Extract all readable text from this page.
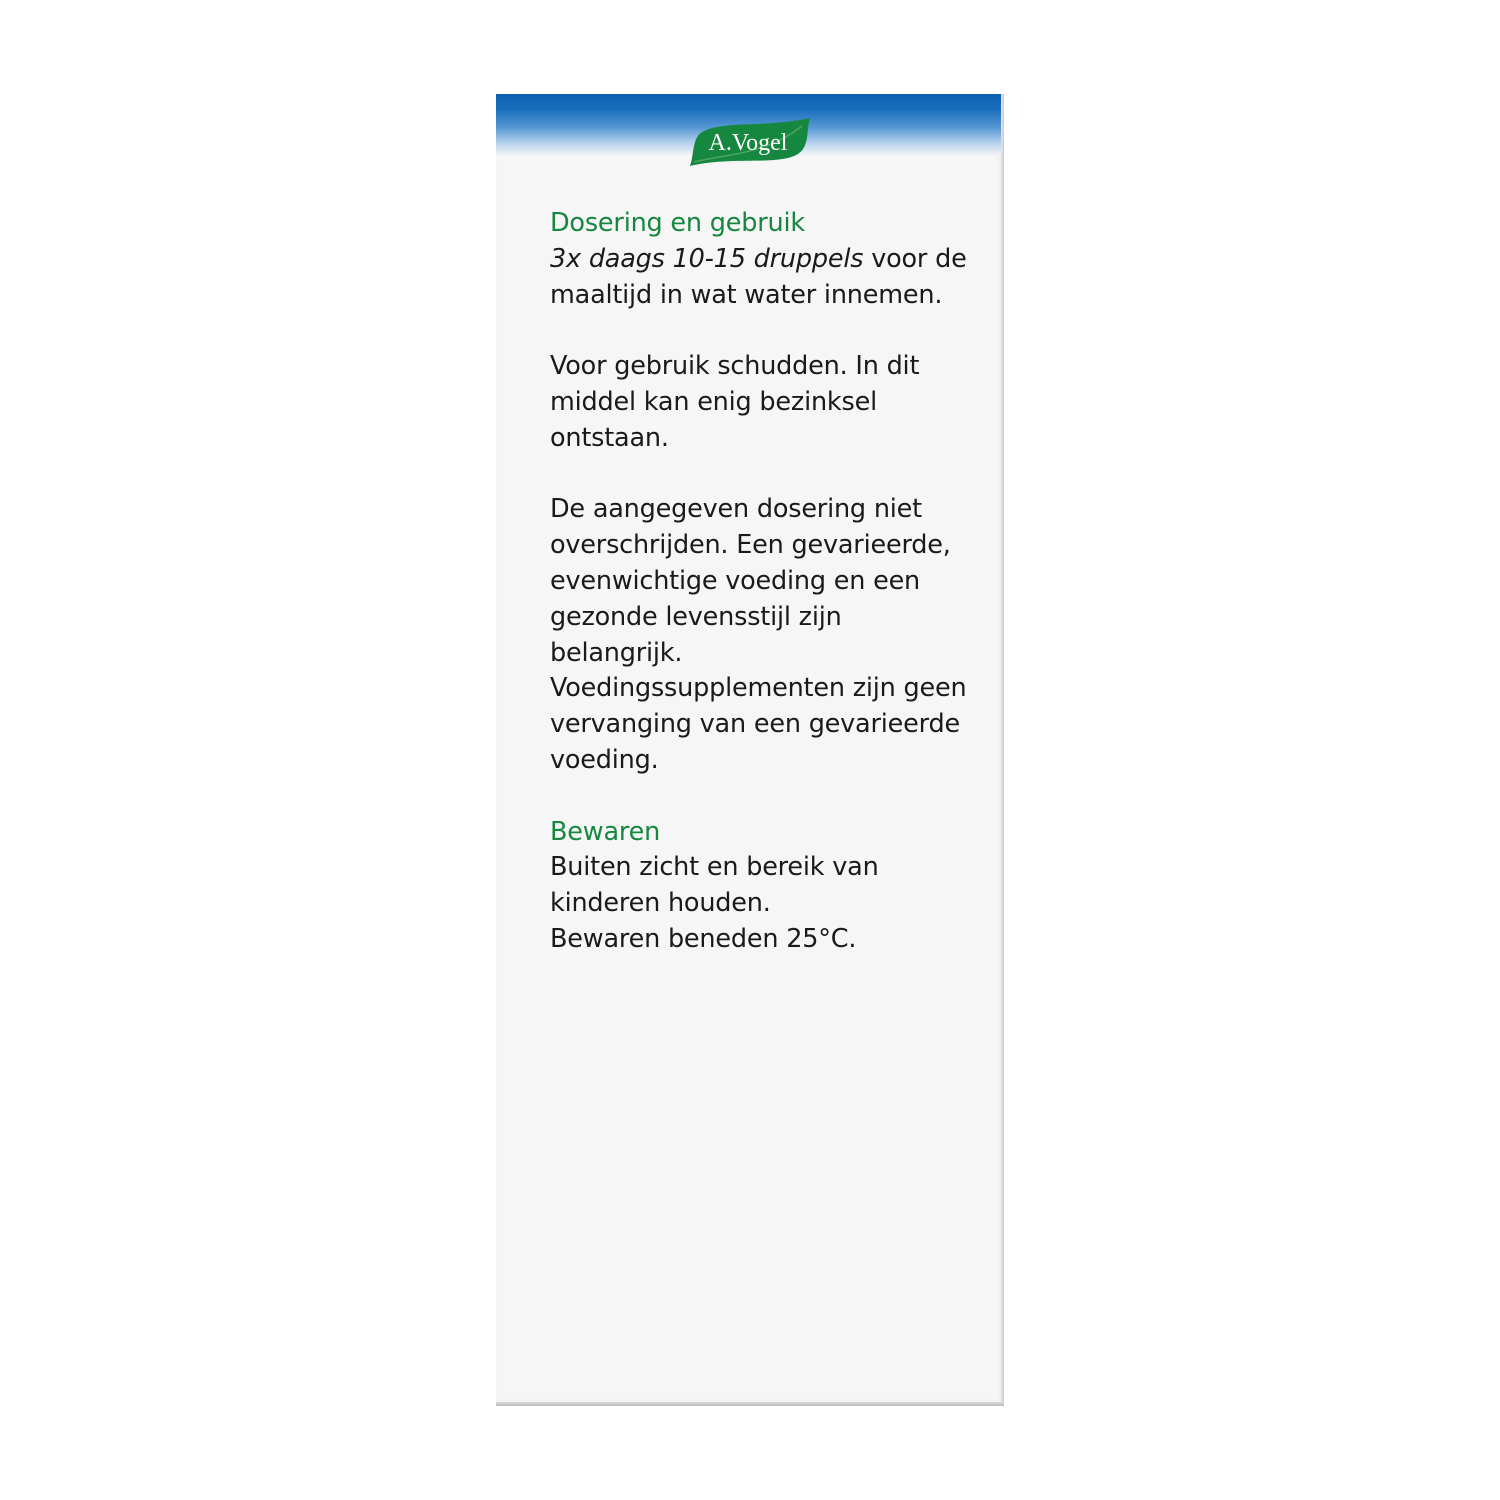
A.Vogel

Dosering en gebruik

3x daags 10-15 druppels voor de maaltijd in wat water innemen.

Voor gebruik schudden. In dit middel kan enig bezinksel ontstaan.

De aangegeven dosering niet overschrijden. Een gevarieerde, evenwichtige voeding en een gezonde levensstijl zijn belangrijk. Voedingssupplementen zijn geen vervanging van een gevarieerde voeding.

Bewaren

Buiten zicht en bereik van kinderen houden.

Bewaren beneden 25°C.
